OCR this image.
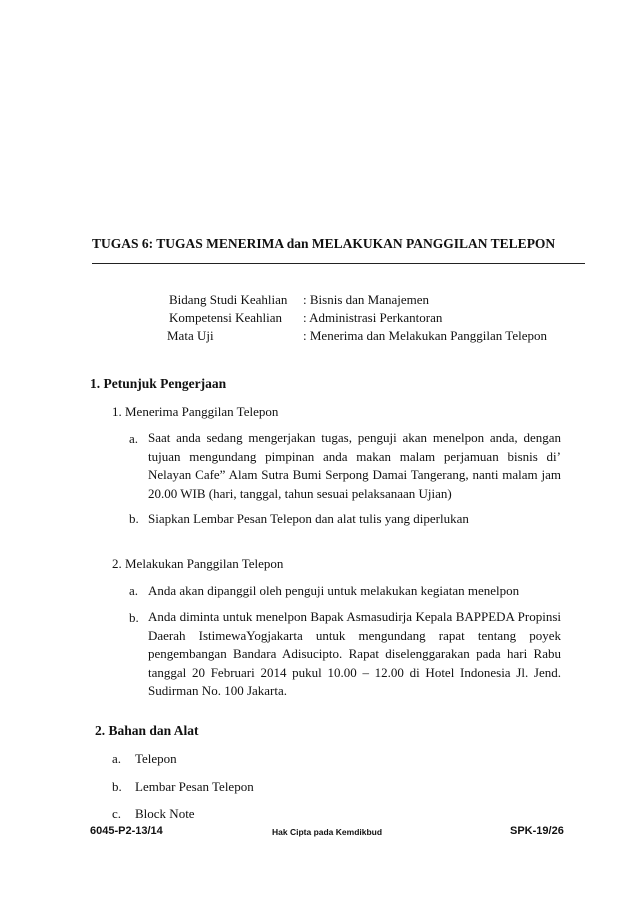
TUGAS 6: TUGAS MENERIMA dan MELAKUKAN PANGGILAN TELEPON
Bidang Studi Keahlian : Bisnis dan Manajemen
Kompetensi Keahlian : Administrasi Perkantoran
Mata Uji	: Menerima dan Melakukan Panggilan Telepon
1. Petunjuk Pengerjaan
1. Menerima Panggilan Telepon
a. Saat anda sedang mengerjakan tugas, penguji akan menelpon anda, dengan tujuan mengundang pimpinan anda makan malam perjamuan bisnis di’ Nelayan Cafe” Alam Sutra Bumi Serpong Damai Tangerang, nanti malam jam 20.00 WIB (hari, tanggal, tahun sesuai pelaksanaan Ujian)
b. Siapkan Lembar Pesan Telepon dan alat tulis yang diperlukan
2. Melakukan Panggilan Telepon
a. Anda akan dipanggil oleh penguji untuk melakukan kegiatan menelpon
b. Anda diminta untuk menelpon Bapak Asmasudirja Kepala BAPPEDA Propinsi Daerah IstimewaYogjakarta untuk mengundang rapat tentang poyek pengembangan Bandara Adisucipto. Rapat diselenggarakan pada hari Rabu tanggal 20 Februari 2014 pukul 10.00 – 12.00 di Hotel Indonesia Jl. Jend. Sudirman No. 100 Jakarta.
2. Bahan dan Alat
a. Telepon
b. Lembar Pesan Telepon
c. Block Note
6045-P2-13/14	Hak Cipta pada Kemdikbud	SPK-19/26
